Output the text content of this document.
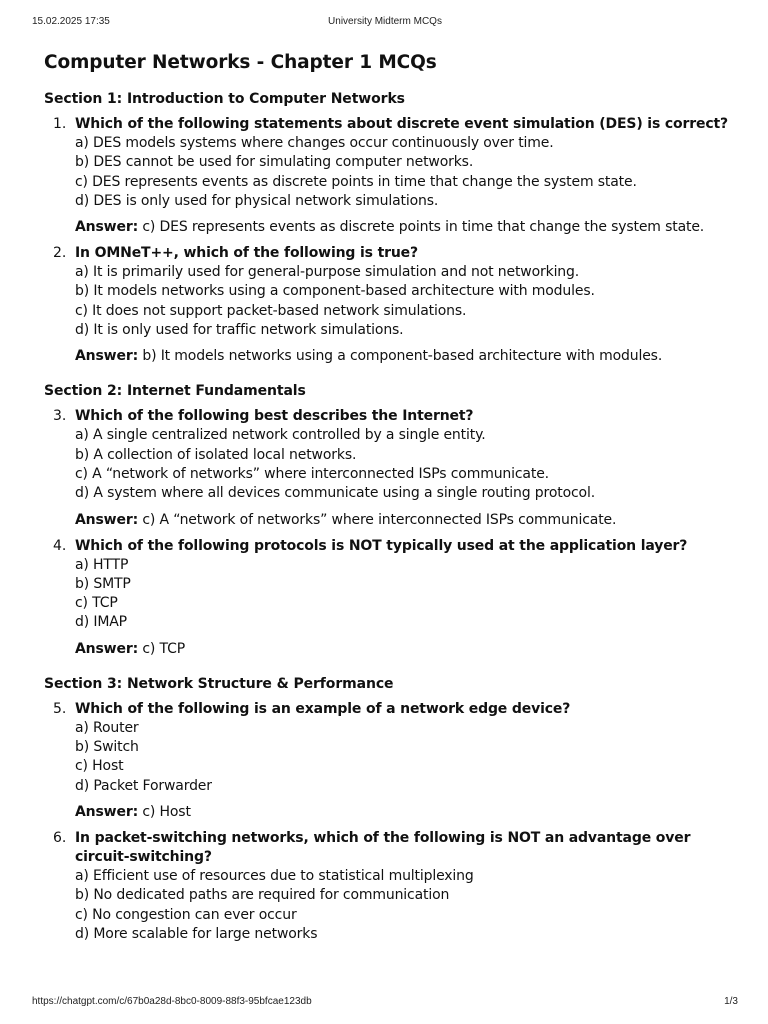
15.02.2025 17:35	University Midterm MCQs
Computer Networks - Chapter 1 MCQs
Section 1: Introduction to Computer Networks
1. Which of the following statements about discrete event simulation (DES) is correct?
a) DES models systems where changes occur continuously over time.
b) DES cannot be used for simulating computer networks.
c) DES represents events as discrete points in time that change the system state.
d) DES is only used for physical network simulations.
Answer: c) DES represents events as discrete points in time that change the system state.
2. In OMNeT++, which of the following is true?
a) It is primarily used for general-purpose simulation and not networking.
b) It models networks using a component-based architecture with modules.
c) It does not support packet-based network simulations.
d) It is only used for traffic network simulations.
Answer: b) It models networks using a component-based architecture with modules.
Section 2: Internet Fundamentals
3. Which of the following best describes the Internet?
a) A single centralized network controlled by a single entity.
b) A collection of isolated local networks.
c) A “network of networks” where interconnected ISPs communicate.
d) A system where all devices communicate using a single routing protocol.
Answer: c) A “network of networks” where interconnected ISPs communicate.
4. Which of the following protocols is NOT typically used at the application layer?
a) HTTP
b) SMTP
c) TCP
d) IMAP
Answer: c) TCP
Section 3: Network Structure & Performance
5. Which of the following is an example of a network edge device?
a) Router
b) Switch
c) Host
d) Packet Forwarder
Answer: c) Host
6. In packet-switching networks, which of the following is NOT an advantage over circuit-switching?
a) Efficient use of resources due to statistical multiplexing
b) No dedicated paths are required for communication
c) No congestion can ever occur
d) More scalable for large networks
https://chatgpt.com/c/67b0a28d-8bc0-8009-88f3-95bfcae123db	1/3
